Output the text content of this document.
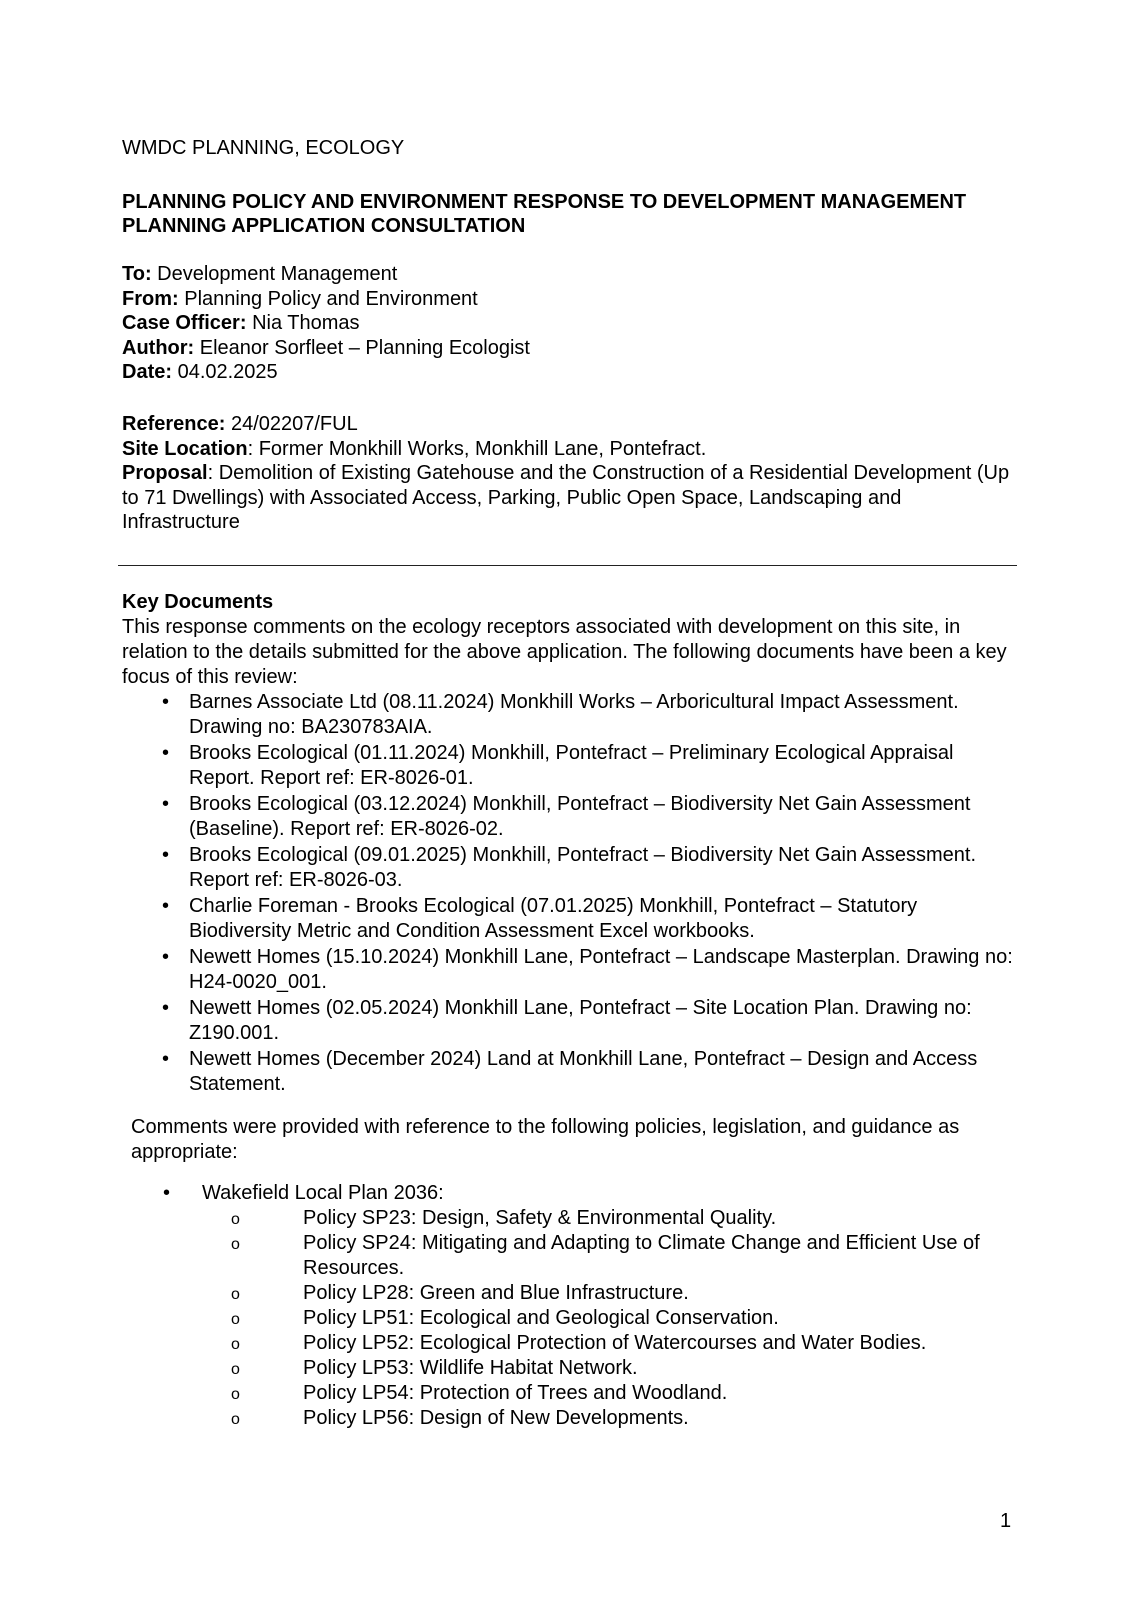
WMDC PLANNING, ECOLOGY
PLANNING POLICY AND ENVIRONMENT RESPONSE TO DEVELOPMENT MANAGEMENT PLANNING APPLICATION CONSULTATION
To: Development Management
From: Planning Policy and Environment
Case Officer: Nia Thomas
Author: Eleanor Sorfleet – Planning Ecologist
Date: 04.02.2025
Reference: 24/02207/FUL
Site Location: Former Monkhill Works, Monkhill Lane, Pontefract.
Proposal: Demolition of Existing Gatehouse and the Construction of a Residential Development (Up to 71 Dwellings) with Associated Access, Parking, Public Open Space, Landscaping and Infrastructure
Key Documents
This response comments on the ecology receptors associated with development on this site, in relation to the details submitted for the above application. The following documents have been a key focus of this review:
• Barnes Associate Ltd (08.11.2024) Monkhill Works – Arboricultural Impact Assessment. Drawing no: BA230783AIA.
• Brooks Ecological (01.11.2024) Monkhill, Pontefract – Preliminary Ecological Appraisal Report. Report ref: ER-8026-01.
• Brooks Ecological (03.12.2024) Monkhill, Pontefract – Biodiversity Net Gain Assessment (Baseline). Report ref: ER-8026-02.
• Brooks Ecological (09.01.2025) Monkhill, Pontefract – Biodiversity Net Gain Assessment. Report ref: ER-8026-03.
• Charlie Foreman - Brooks Ecological (07.01.2025) Monkhill, Pontefract – Statutory Biodiversity Metric and Condition Assessment Excel workbooks.
• Newett Homes (15.10.2024) Monkhill Lane, Pontefract – Landscape Masterplan. Drawing no: H24-0020_001.
• Newett Homes (02.05.2024) Monkhill Lane, Pontefract – Site Location Plan. Drawing no: Z190.001.
• Newett Homes (December 2024) Land at Monkhill Lane, Pontefract – Design and Access Statement.
Comments were provided with reference to the following policies, legislation, and guidance as appropriate:
• Wakefield Local Plan 2036:
o	Policy SP23: Design, Safety & Environmental Quality.
o	Policy SP24: Mitigating and Adapting to Climate Change and Efficient Use of Resources.
o	Policy LP28: Green and Blue Infrastructure.
o	Policy LP51: Ecological and Geological Conservation.
o	Policy LP52: Ecological Protection of Watercourses and Water Bodies.
o	Policy LP53: Wildlife Habitat Network.
o	Policy LP54: Protection of Trees and Woodland.
o	Policy LP56: Design of New Developments.
1
